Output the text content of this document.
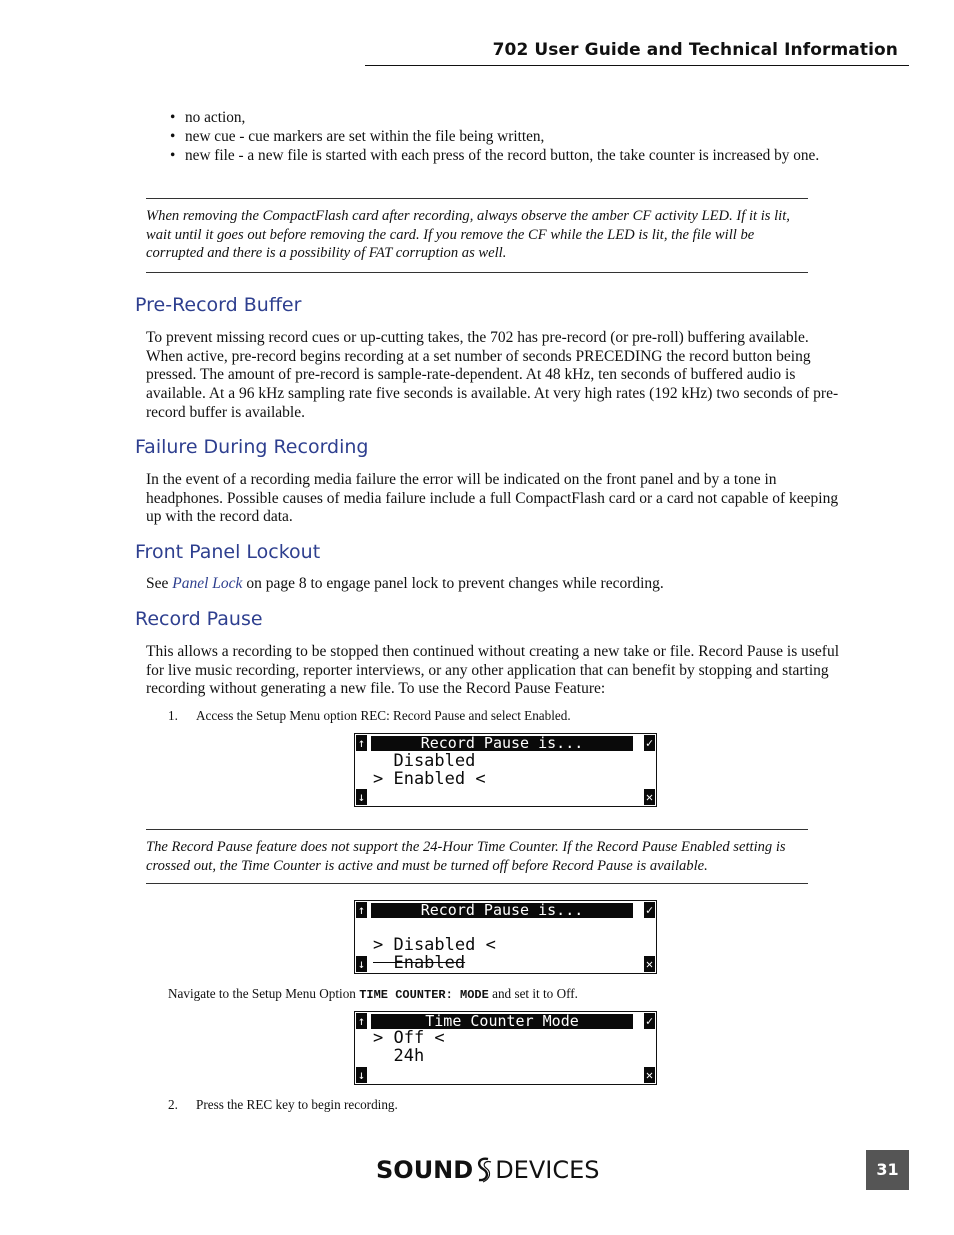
702 User Guide and Technical Information
• no action,
• new cue - cue markers are set within the file being written,
• new file - a new file is started with each press of the record button, the take counter is increased by one.

When removing the CompactFlash card after recording, always observe the amber CF activity LED. If it is lit, wait until it goes out before removing the card. If you remove the CF while the LED is lit, the file will be corrupted and there is a possibility of FAT corruption as well.

Pre-Record Buffer

To prevent missing record cues or up-cutting takes, the 702 has pre-record (or pre-roll) buffering available. When active, pre-record begins recording at a set number of seconds PRECEDING the record button being pressed. The amount of pre-record is sample-rate-dependent. At 48 kHz, ten seconds of buffered audio is available. At a 96 kHz sampling rate five seconds is available. At very high rates (192 kHz) two seconds of pre-record buffer is available.

Failure During Recording

In the event of a recording media failure the error will be indicated on the front panel and by a tone in headphones. Possible causes of media failure include a full CompactFlash card or a card not capable of keeping up with the record data.

Front Panel Lockout

See Panel Lock on page 8 to engage panel lock to prevent changes while recording.

Record Pause

This allows a recording to be stopped then continued without creating a new take or file. Record Pause is useful for live music recording, reporter interviews, or any other application that can benefit by stopping and starting recording without generating a new file. To use the Record Pause Feature:

1. Access the Setup Menu option REC: Record Pause and select Enabled.
↑	Record Pause is...	✓
Disabled
> Enabled <
↓	✕

The Record Pause feature does not support the 24-Hour Time Counter. If the Record Pause Enabled setting is crossed out, the Time Counter is active and must be turned off before Record Pause is available.

↑	Record Pause is...	✓
> Disabled <
Enabled
↓	✕
Navigate to the Setup Menu Option TIME COUNTER: MODE and set it to Off.
↑	Time Counter Mode	✓
> Off <
24h
↓	✕
2. Press the REC key to begin recording.
SOUND DEVICES	31
